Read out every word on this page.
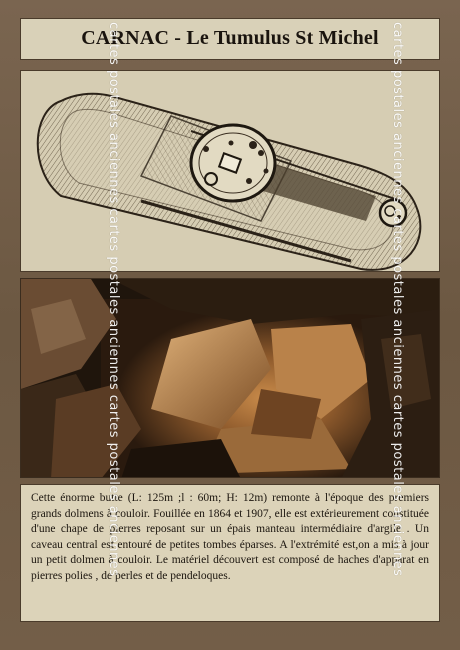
CARNAC - Le Tumulus St Michel

Cette énorme butte (L: 125m ;l : 60m; H: 12m) remonte à l'époque des premiers grands dolmens à couloir. Fouillée en 1864 et 1907, elle est extérieurement constituée d'une chape de pierres reposant sur un épais manteau intermédiaire d'argile . Un caveau central est entouré de petites tombes éparses. A l'extrémité est,on a mis à jour un petit dolmen à couloir. Le matériel découvert est composé de haches d'apparat en pierres polies , de perles et de pendeloques.

cartes postales anciennes cartes postales anciennes cartes postales anciennes	cartes postales anciennes cartes postales anciennes cartes postales anciennes
